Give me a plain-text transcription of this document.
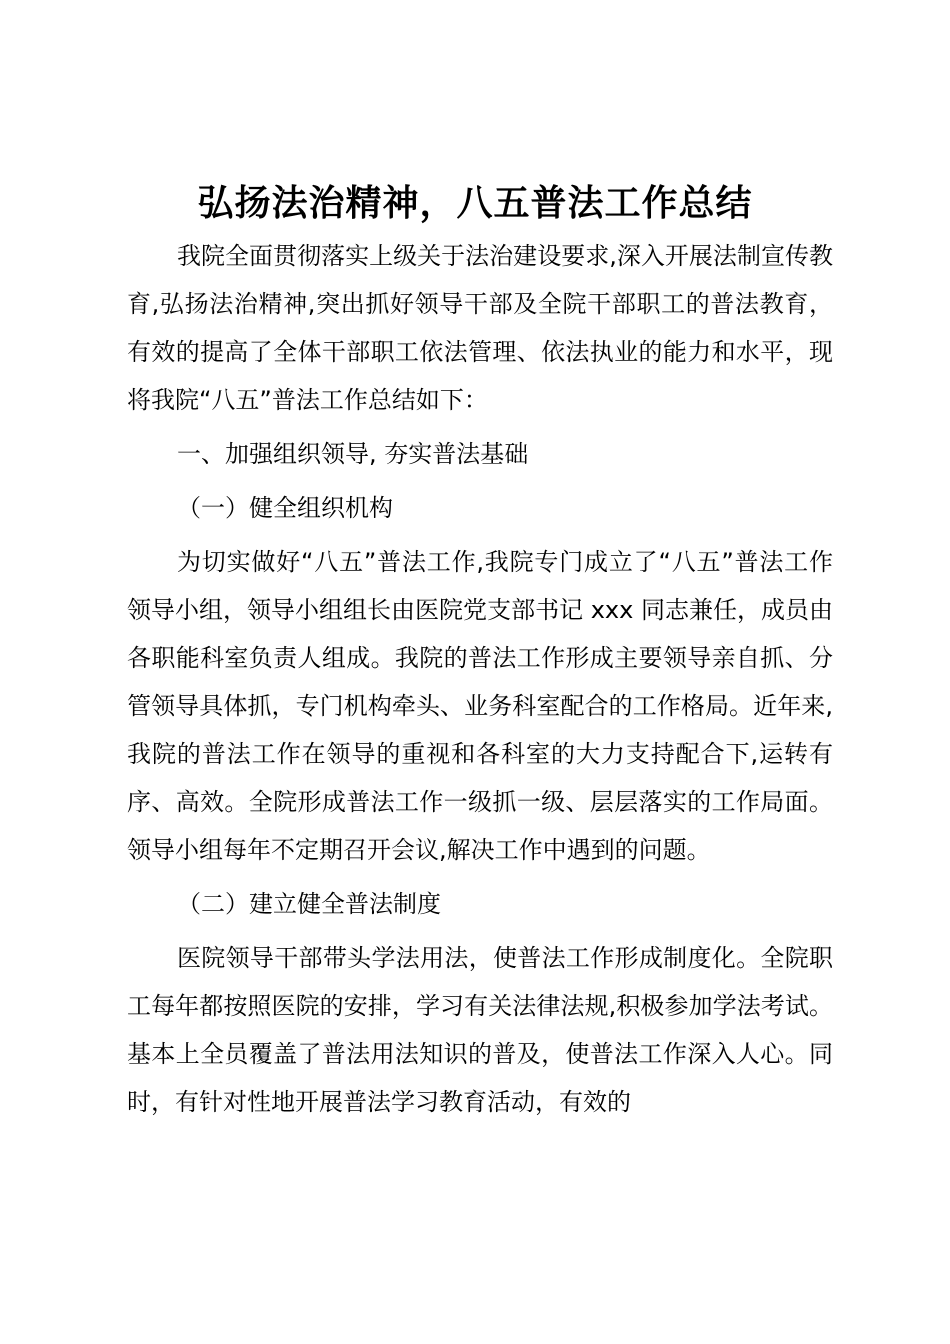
弘扬法治精神，八五普法工作总结

我院全面贯彻落实上级关于法治建设要求,深入开展法制宣传教育,弘扬法治精神,突出抓好领导干部及全院干部职工的普法教育，有效的提高了全体干部职工依法管理、依法执业的能力和水平，现将我院“八五”普法工作总结如下：

一、加强组织领导, 夯实普法基础

（一）健全组织机构

为切实做好“八五”普法工作,我院专门成立了“八五”普法工作领导小组，领导小组组长由医院党支部书记 xxx 同志兼任，成员由各职能科室负责人组成。我院的普法工作形成主要领导亲自抓、分管领导具体抓，专门机构牵头、业务科室配合的工作格局。近年来,我院的普法工作在领导的重视和各科室的大力支持配合下,运转有序、高效。全院形成普法工作一级抓一级、层层落实的工作局面。领导小组每年不定期召开会议,解决工作中遇到的问题。

（二）建立健全普法制度

医院领导干部带头学法用法，使普法工作形成制度化。全院职工每年都按照医院的安排，学习有关法律法规,积极参加学法考试。基本上全员覆盖了普法用法知识的普及，使普法工作深入人心。同时，有针对性地开展普法学习教育活动，有效的
